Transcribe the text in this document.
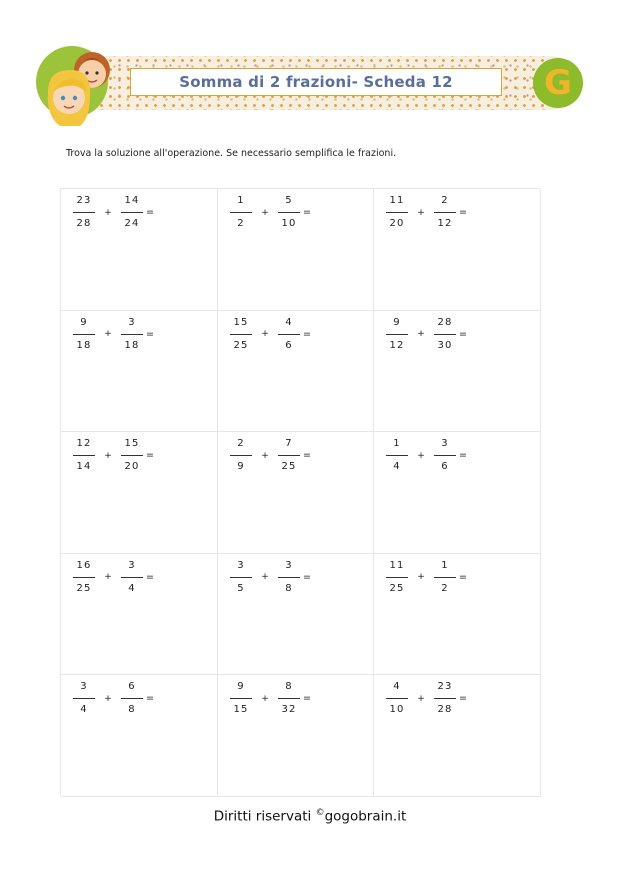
Somma di 2 frazioni- Scheda 12	G
Trova la soluzione all'operazione. Se necessario semplifica le frazioni.
$\frac{23}{28} + \frac{14}{24}$ =	$\frac{1}{2} + \frac{5}{10}$ =	$\frac{11}{20} + \frac{2}{12}$ =
$\frac{9}{18} + \frac{3}{18}$ =	$\frac{15}{25} + \frac{4}{6}$ =	$\frac{9}{12} + \frac{28}{30}$ =
$\frac{12}{14} + \frac{15}{20}$ =	$\frac{2}{9} + \frac{7}{25}$ =	$\frac{1}{4} + \frac{3}{6}$ =
$\frac{16}{25} + \frac{3}{4}$ =	$\frac{3}{5} + \frac{3}{8}$ =	$\frac{11}{25} + \frac{1}{2}$ =
$\frac{3}{4} + \frac{6}{8}$ =	$\frac{9}{15} + \frac{8}{32}$ =	$\frac{4}{10} + \frac{23}{28}$ =
Diritti riservati ©gogobrain.it
